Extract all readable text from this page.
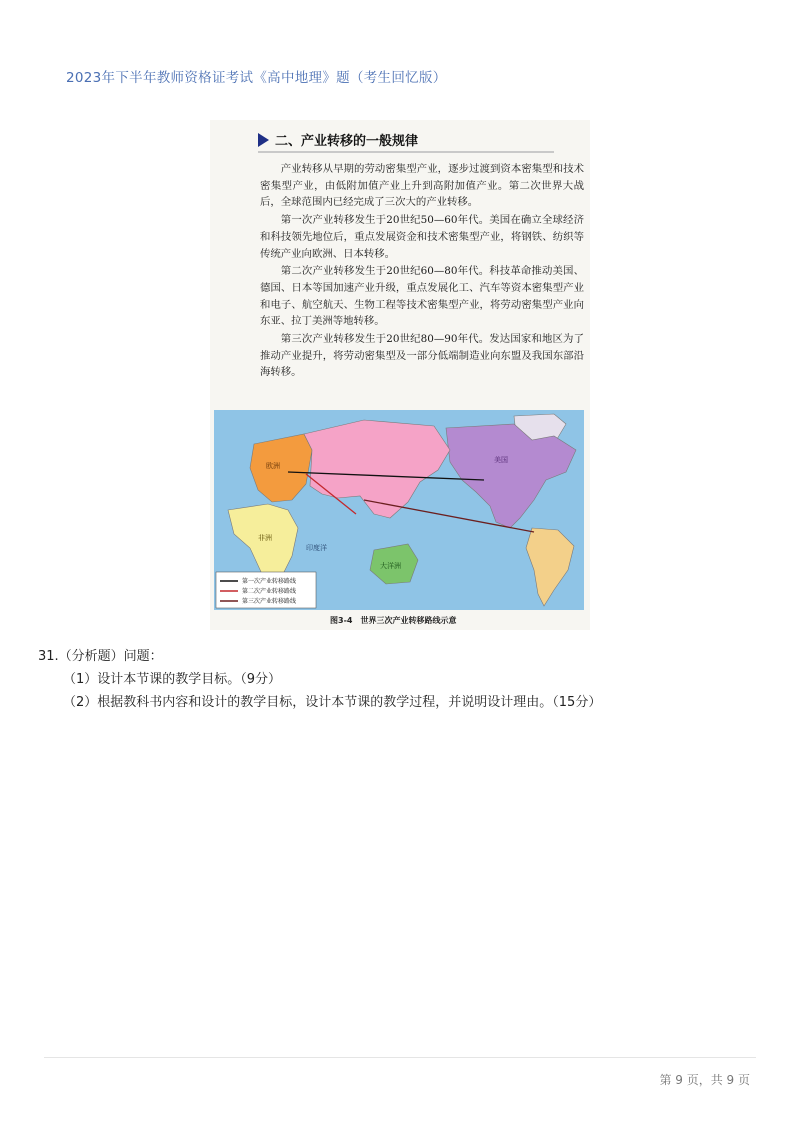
2023年下半年教师资格证考试《高中地理》题（考生回忆版）
二、产业转移的一般规律

产业转移从早期的劳动密集型产业，逐步过渡到资本密集型和技术密集型产业，由低附加值产业上升到高附加值产业。第二次世界大战后，全球范围内已经完成了三次大的产业转移。

第一次产业转移发生于20世纪50—60年代。美国在确立全球经济和科技领先地位后，重点发展资金和技术密集型产业，将钢铁、纺织等传统产业向欧洲、日本转移。

第二次产业转移发生于20世纪60—80年代。科技革命推动美国、德国、日本等国加速产业升级，重点发展化工、汽车等资本密集型产业和电子、航空航天、生物工程等技术密集型产业，将劳动密集型产业向东亚、拉丁美洲等地转移。

第三次产业转移发生于20世纪80—90年代。发达国家和地区为了推动产业提升，将劳动密集型及一部分低端制造业向东盟及我国东部沿海转移。

美国
欧洲
非洲
印度洋
大洋洲
第一次产业转移路线
第二次产业转移路线
第三次产业转移路线
图3-4　世界三次产业转移路线示意
31.（分析题）问题：
（1）设计本节课的教学目标。（9分）
（2）根据教科书内容和设计的教学目标，设计本节课的教学过程，并说明设计理由。（15分）
第 9 页，共 9 页
